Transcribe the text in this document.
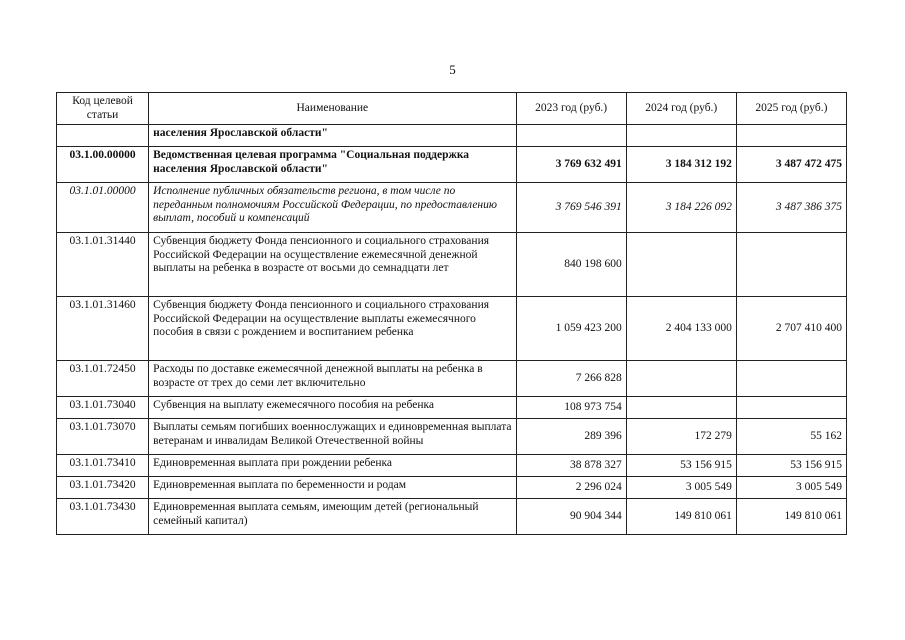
5
Код целевой статьи	Наименование	2023 год (руб.)	2024 год (руб.)	2025 год (руб.)
	населения Ярославской области"			
03.1.00.00000	Ведомственная целевая программа "Социальная поддержка населения Ярославской области"	3 769 632 491	3 184 312 192	3 487 472 475
03.1.01.00000	Исполнение публичных обязательств региона, в том числе по переданным полномочиям Российской Федерации, по предоставлению выплат, пособий и компенсаций	3 769 546 391	3 184 226 092	3 487 386 375
03.1.01.31440	Субвенция бюджету Фонда пенсионного и социального страхования Российской Федерации на осуществление ежемесячной денежной выплаты на ребенка в возрасте от восьми до семнадцати лет	840 198 600		
03.1.01.31460	Субвенция бюджету Фонда пенсионного и социального страхования Российской Федерации на осуществление выплаты ежемесячного пособия в связи с рождением и воспитанием ребенка	1 059 423 200	2 404 133 000	2 707 410 400
03.1.01.72450	Расходы по доставке ежемесячной денежной выплаты на ребенка в возрасте от трех до семи лет включительно	7 266 828		
03.1.01.73040	Субвенция на выплату ежемесячного пособия на ребенка	108 973 754		
03.1.01.73070	Выплаты семьям погибших военнослужащих и единовременная выплата ветеранам и инвалидам Великой Отечественной войны	289 396	172 279	55 162
03.1.01.73410	Единовременная выплата при рождении ребенка	38 878 327	53 156 915	53 156 915
03.1.01.73420	Единовременная выплата по беременности и родам	2 296 024	3 005 549	3 005 549
03.1.01.73430	Единовременная выплата семьям, имеющим детей (региональный семейный капитал)	90 904 344	149 810 061	149 810 061
